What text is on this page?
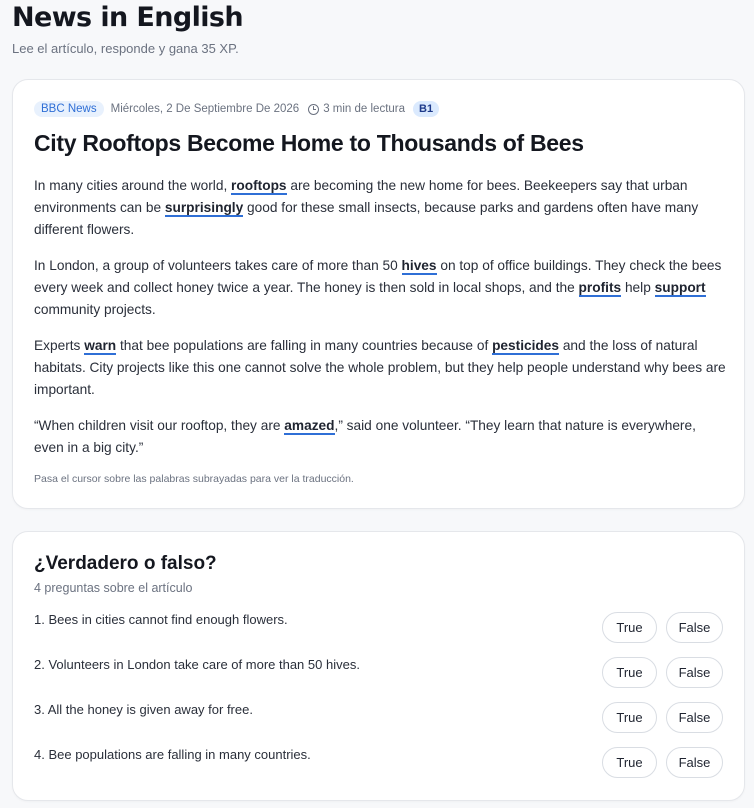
News in English
Lee el artículo, responde y gana 35 XP.
BBC News	Miércoles, 2 De Septiembre De 2026 3 min de lectura	B1
City Rooftops Become Home to Thousands of Bees

In many cities around the world, rooftops are becoming the new home for bees. Beekeepers say that urban environments can be surprisingly good for these small insects, because parks and gardens often have many different flowers.

In London, a group of volunteers takes care of more than 50 hives on top of office buildings. They check the bees every week and collect honey twice a year. The honey is then sold in local shops, and the profits help support community projects.

Experts warn that bee populations are falling in many countries because of pesticides and the loss of natural habitats. City projects like this one cannot solve the whole problem, but they help people understand why bees are important.

“When children visit our rooftop, they are amazed,” said one volunteer. “They learn that nature is everywhere, even in a big city.”

Pasa el cursor sobre las palabras subrayadas para ver la traducción.
¿Verdadero o falso?
4 preguntas sobre el artículo
1. Bees in cities cannot find enough flowers.
True	False
2. Volunteers in London take care of more than 50 hives.
True	False
3. All the honey is given away for free.
True	False
4. Bee populations are falling in many countries.
True	False
